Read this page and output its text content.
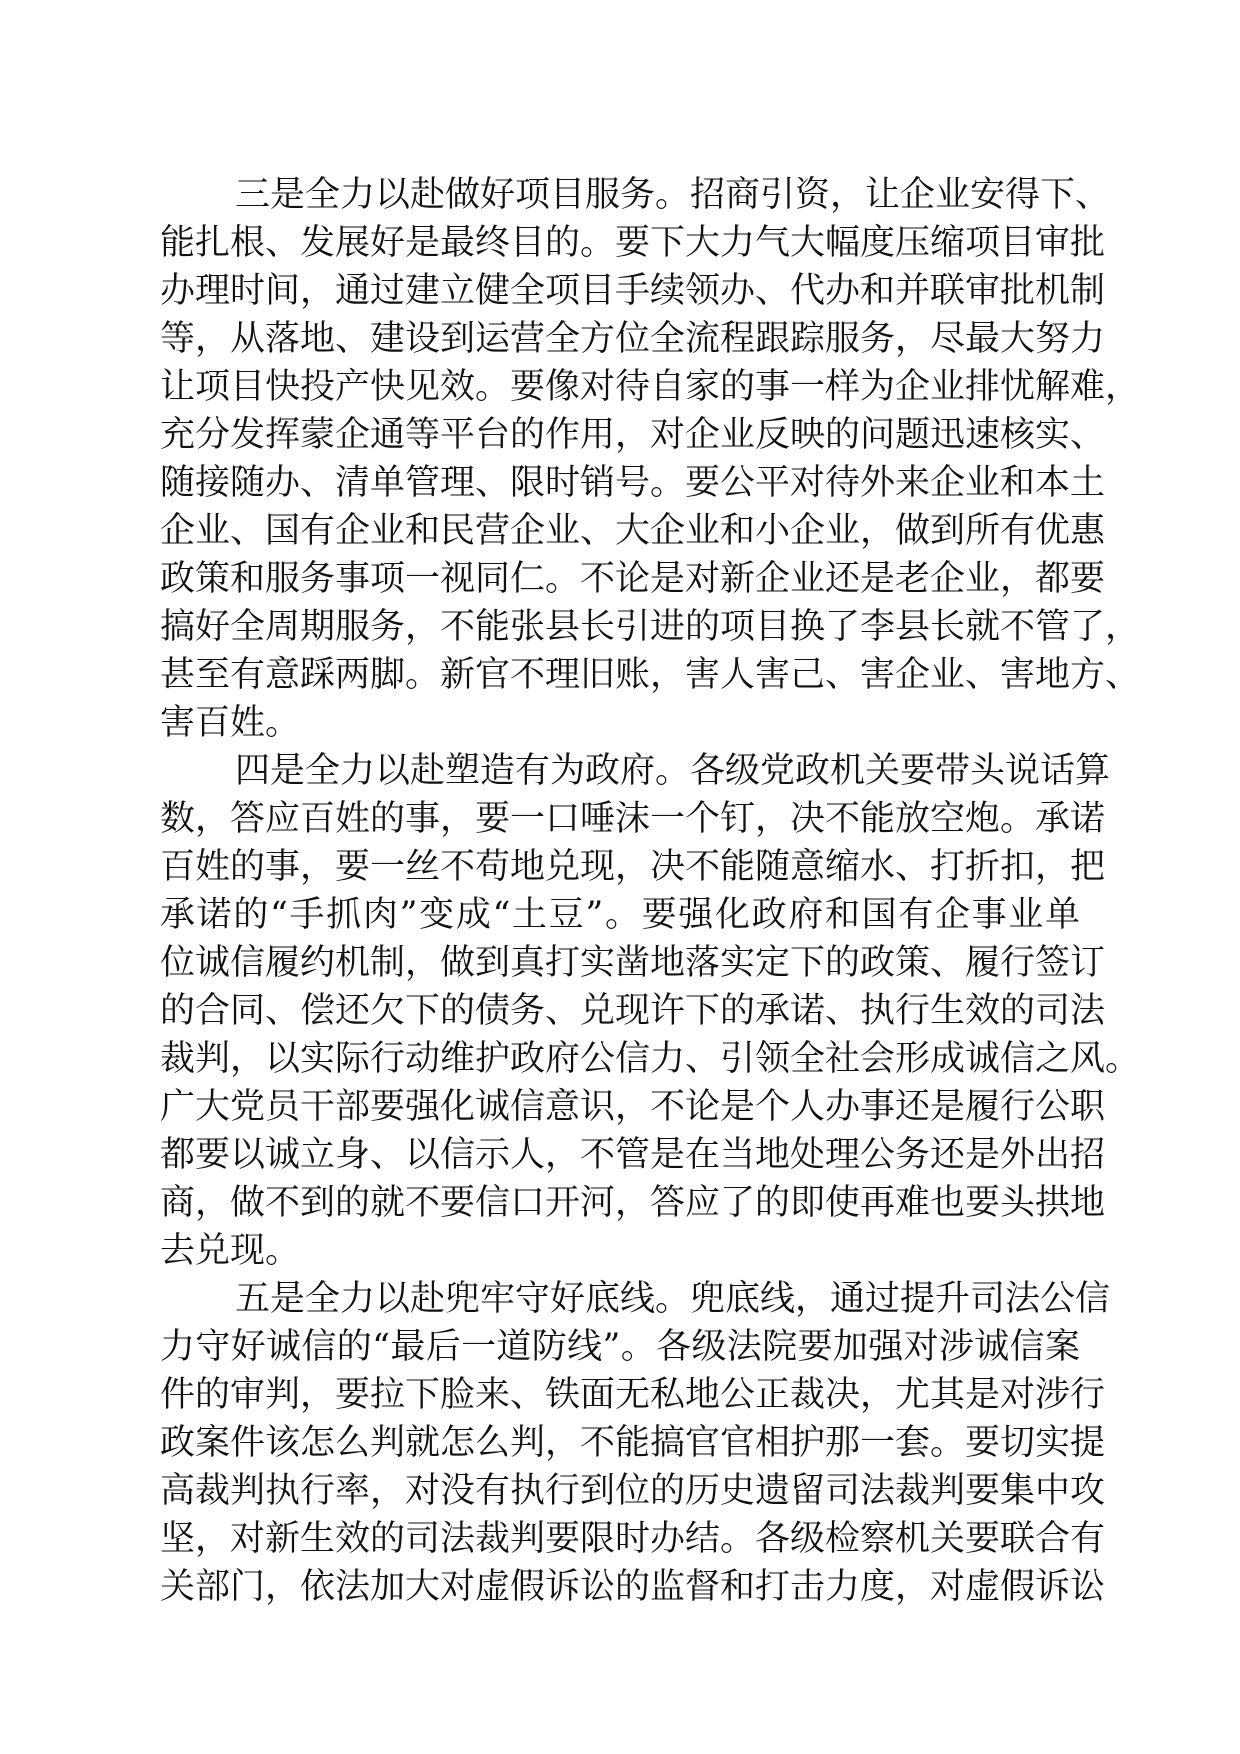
三是全力以赴做好项目服务。招商引资，让企业安得下、
能扎根、发展好是最终目的。要下大力气大幅度压缩项目审批
办理时间，通过建立健全项目手续领办、代办和并联审批机制
等，从落地、建设到运营全方位全流程跟踪服务，尽最大努力
让项目快投产快见效。要像对待自家的事一样为企业排忧解难，
充分发挥蒙企通等平台的作用，对企业反映的问题迅速核实、
随接随办、清单管理、限时销号。要公平对待外来企业和本土
企业、国有企业和民营企业、大企业和小企业，做到所有优惠
政策和服务事项一视同仁。不论是对新企业还是老企业，都要
搞好全周期服务，不能张县长引进的项目换了李县长就不管了，
甚至有意踩两脚。新官不理旧账，害人害己、害企业、害地方、
害百姓。
四是全力以赴塑造有为政府。各级党政机关要带头说话算
数，答应百姓的事，要一口唾沫一个钉，决不能放空炮。承诺
百姓的事，要一丝不苟地兑现，决不能随意缩水、打折扣，把
承诺的“手抓肉”变成“土豆”。要强化政府和国有企事业单
位诚信履约机制，做到真打实凿地落实定下的政策、履行签订
的合同、偿还欠下的债务、兑现许下的承诺、执行生效的司法
裁判，以实际行动维护政府公信力、引领全社会形成诚信之风。
广大党员干部要强化诚信意识，不论是个人办事还是履行公职
都要以诚立身、以信示人，不管是在当地处理公务还是外出招
商，做不到的就不要信口开河，答应了的即使再难也要头拱地
去兑现。
五是全力以赴兜牢守好底线。兜底线，通过提升司法公信
力守好诚信的“最后一道防线”。各级法院要加强对涉诚信案
件的审判，要拉下脸来、铁面无私地公正裁决，尤其是对涉行
政案件该怎么判就怎么判，不能搞官官相护那一套。要切实提
高裁判执行率，对没有执行到位的历史遗留司法裁判要集中攻
坚，对新生效的司法裁判要限时办结。各级检察机关要联合有
关部门，依法加大对虚假诉讼的监督和打击力度，对虚假诉讼
